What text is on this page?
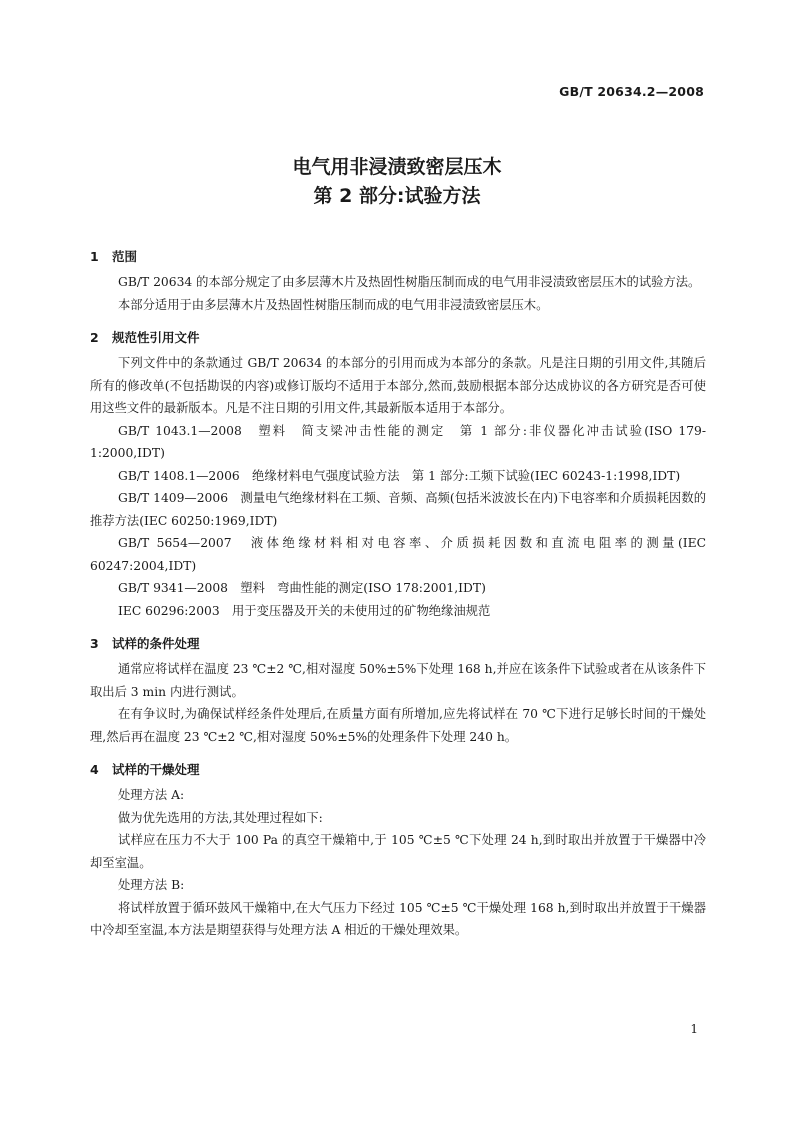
GB/T 20634.2—2008
电气用非浸渍致密层压木
第 2 部分:试验方法
1 范围

GB/T 20634 的本部分规定了由多层薄木片及热固性树脂压制而成的电气用非浸渍致密层压木的试验方法。

本部分适用于由多层薄木片及热固性树脂压制而成的电气用非浸渍致密层压木。

2 规范性引用文件

下列文件中的条款通过 GB/T 20634 的本部分的引用而成为本部分的条款。凡是注日期的引用文件,其随后所有的修改单(不包括勘误的内容)或修订版均不适用于本部分,然而,鼓励根据本部分达成协议的各方研究是否可使用这些文件的最新版本。凡是不注日期的引用文件,其最新版本适用于本部分。

GB/T 1043.1—2008　塑料　简支梁冲击性能的测定　第 1 部分:非仪器化冲击试验(ISO 179-1:2000,IDT)

GB/T 1408.1—2006　绝缘材料电气强度试验方法　第 1 部分:工频下试验(IEC 60243-1:1998,IDT)

GB/T 1409—2006　测量电气绝缘材料在工频、音频、高频(包括米波波长在内)下电容率和介质损耗因数的推荐方法(IEC 60250:1969,IDT)

GB/T 5654—2007　液体绝缘材料相对电容率、介质损耗因数和直流电阻率的测量(IEC 60247:2004,IDT)

GB/T 9341—2008　塑料　弯曲性能的测定(ISO 178:2001,IDT)

IEC 60296:2003　用于变压器及开关的未使用过的矿物绝缘油规范

3 试样的条件处理

通常应将试样在温度 23 ℃±2 ℃,相对湿度 50%±5%下处理 168 h,并应在该条件下试验或者在从该条件下取出后 3 min 内进行测试。

在有争议时,为确保试样经条件处理后,在质量方面有所增加,应先将试样在 70 ℃下进行足够长时间的干燥处理,然后再在温度 23 ℃±2 ℃,相对湿度 50%±5%的处理条件下处理 240 h。

4 试样的干燥处理

处理方法 A:

做为优先选用的方法,其处理过程如下:

试样应在压力不大于 100 Pa 的真空干燥箱中,于 105 ℃±5 ℃下处理 24 h,到时取出并放置于干燥器中冷却至室温。

处理方法 B:

将试样放置于循环鼓风干燥箱中,在大气压力下经过 105 ℃±5 ℃干燥处理 168 h,到时取出并放置于干燥器中冷却至室温,本方法是期望获得与处理方法 A 相近的干燥处理效果。

1
